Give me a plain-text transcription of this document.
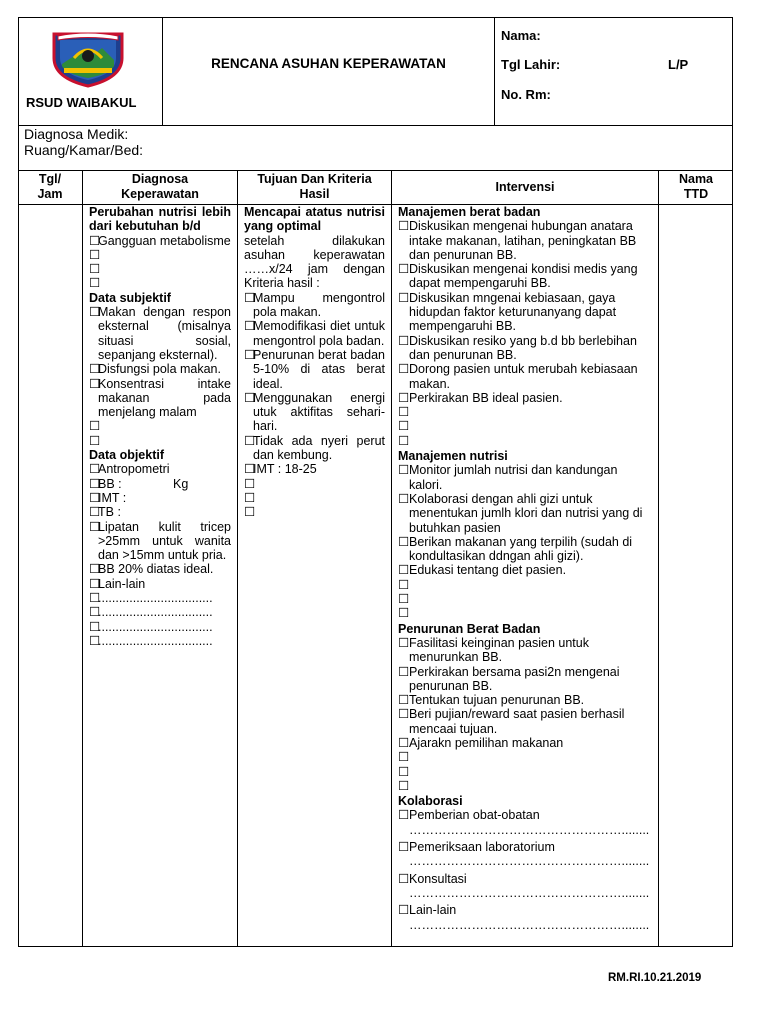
RSUD WAIBAKUL
RENCANA ASUHAN KEPERAWATAN
Nama:
Tgl Lahir:	L/P
No. Rm:
Diagnosa Medik:
Ruang/Kamar/Bed:
Tgl/
Jam
Diagnosa
Keperawatan
Tujuan Dan Kriteria
Hasil
Intervensi
Nama
TTD
Perubahan nutrisi lebih dari kebutuhan b/d
☐
Gangguan metabolisme
☐
☐
☐
Data subjektif
☐
Makan dengan respon eksternal (misalnya situasi sosial, sepanjang eksternal).
☐
Disfungsi pola makan.
☐
Konsentrasi intake makanan pada menjelang malam
☐
☐
Data objektif
☐
Antropometri
☐
BB :	Kg
☐
IMT :
☐
TB :
☐
Lipatan kulit tricep >25mm untuk wanita dan >15mm untuk pria.
☐
BB 20% diatas ideal.
☐
Lain-lain
☐
.................................
☐
.................................
☐
.................................
☐
.................................
Mencapai atatus nutrisi yang optimal
setelah dilakukan asuhan keperawatan ……x/24 jam dengan Kriteria hasil :
☐
Mampu mengontrol pola makan.
☐
Memodifikasi diet untuk mengontrol pola badan.
☐
Penurunan berat badan 5-10% di atas berat ideal.
☐
Menggunakan energi utuk aktifitas sehari-hari.
☐
Tidak ada nyeri perut dan kembung.
☐
IMT : 18-25
☐
☐
☐
Manajemen berat badan
☐ Diskusikan mengenai hubungan anatara intake makanan, latihan, peningkatan BB dan penurunan BB.
☐ Diskusikan mengenai kondisi medis yang dapat mempengaruhi BB.
☐ Diskusikan mngenai kebiasaan, gaya hidupdan faktor keturunanyang dapat mempengaruhi BB.
☐ Diskusikan resiko yang b.d bb berlebihan dan penurunan BB.
☐ Dorong pasien untuk merubah kebiasaan makan.
☐ Perkirakan BB ideal pasien.
☐
☐
☐
Manajemen nutrisi
☐ Monitor jumlah nutrisi dan kandungan kalori.
☐ Kolaborasi dengan ahli gizi untuk menentukan jumlh klori dan nutrisi yang di butuhkan pasien
☐ Berikan makanan yang terpilih (sudah di kondultasikan ddngan ahli gizi).
☐ Edukasi tentang diet pasien.
☐
☐
☐
Penurunan Berat Badan
☐ Fasilitasi keinginan pasien untuk menurunkan BB.
☐ Perkirakan bersama pasi2n mengenai penurunan BB.
☐ Tentukan tujuan penurunan BB.
☐ Beri pujian/reward saat pasien berhasil mencaai tujuan.
☐ Ajarakn pemilihan makanan
☐
☐
☐
Kolaborasi
☐ Pemberian obat-obatan
……………………………………………........
☐ Pemeriksaan laboratorium
……………………………………………........
☐ Konsultasi
……………………………………………........
☐ Lain-lain
……………………………………………........
RM.RI.10.21.2019
